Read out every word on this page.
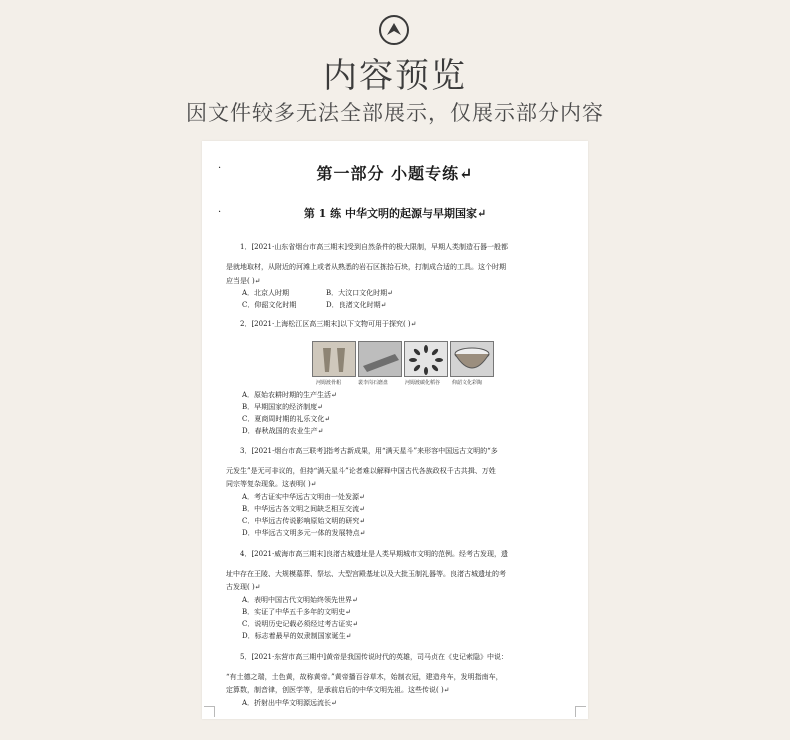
内容预览
因文件较多无法全部展示，仅展示部分内容
·
·
第一部分 小题专练↵
第 1 练 中华文明的起源与早期国家↵
1．[2021·山东省烟台市高三期末]受到自然条件的极大限制，早期人类制造石器一般都
是就地取材，从附近的河滩上或者从熟悉的岩石区拣拾石块，打制成合适的工具。这个时期
应当是( )↵
A．北京人时期	B．大汶口文化时期↵
C．仰韶文化时期	D．良渚文化时期↵
2．[2021·上海松江区高三期末]以下文物可用于探究( )↵
河姆渡骨耜	裴李岗石磨盘	河姆渡碳化稻谷 仰韶文化彩陶
A．原始农耕时期的生产生活↵
B．早期国家的经济制度↵
C．夏商周时期的礼乐文化↵
D．春秋战国的农业生产↵
3．[2021·烟台市高三联考]指考古新成果，用“满天星斗”来形容中国远古文明的“多
元发生”是无可非议的，但持“满天星斗”论者难以解释中国古代各族政权千古共揖、万姓
同宗等复杂现象。这表明( )↵
A．考古证实中华远古文明由一处发源↵
B．中华远古各文明之间缺乏相互交流↵
C．中华远古传说影响原始文明的研究↵
D．中华远古文明多元一体的发展特点↵
4．[2021·威海市高三期末]良渚古城遗址是人类早期城市文明的范例。经考古发现，遗
址中存在王陵、大规模墓葬、祭坛、大型宫殿基址以及大批玉制礼器等。良渚古城遗址的考
古发现( )↵
A．表明中国古代文明始终领先世界↵
B．实证了中华五千多年的文明史↵
C．说明历史记载必须经过考古证实↵
D．标志着最早的奴隶制国家诞生↵
5．[2021·东营市高三期中]黄帝是我国传说时代的英雄，司马贞在《史记索隐》中说：
“有土德之瑞，土色黄，故称黄帝。”黄帝播百谷草木，始制衣冠，建造舟车，发明指南车，
定算数，制音律，创医学等，是承前启后的中华文明先祖。这些传说( )↵
A．折射出中华文明源远流长↵
